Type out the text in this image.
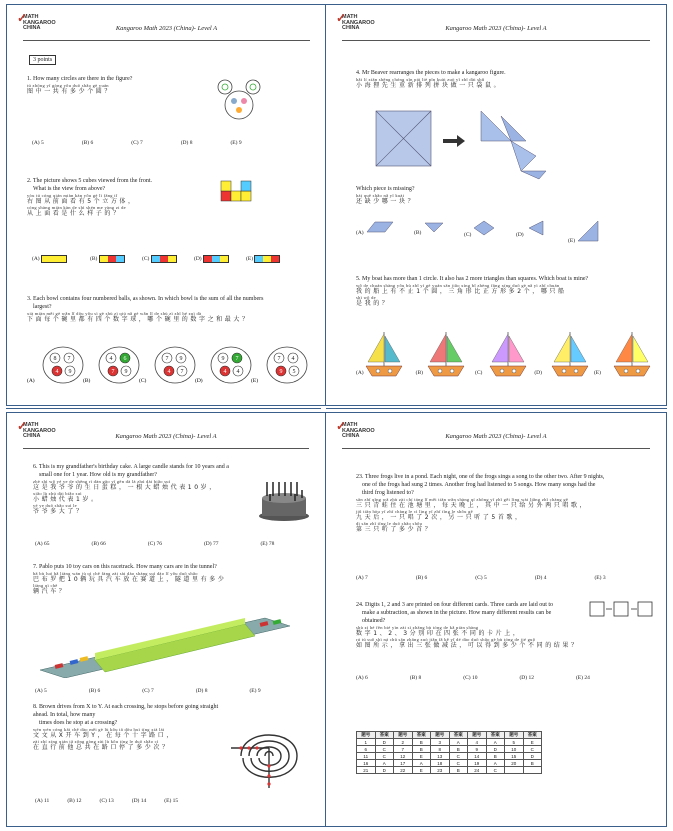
✓
MATH
KANGAROO
CHINA	Kangaroo Math 2023 (China)- Level A
3 points
1. How many circles are there in the figure?
tú zhōng yī gòng yǒu duō shǎo gè yuán
图中一共有多少个圆？
(A) 5	(B) 6	(C) 7	(D) 8	(E) 9
2. The picture shows 5 cubes viewed from the front.
What is the view from above?
yòu tú cóng qián miàn kàn yǒu gè lì fāng tǐ
右图从前面看有5个立方体，
cóng shàng miàn kàn de shì shén me yàng zi de
从上面看是什么样子的？
(A)	(B)	(C)	(D)	(E)
3. Each bowl contains four numbered balls, as shown. In which bowl is the sum of all the numbers
largest?
xià miàn měi gè wǎn lǐ dōu yǒu sì gè shù zì qiú nǎ gè wǎn lǐ de shù zì zhī hé zuì dà
下面每个碗里都有四个数字球，哪个碗里的数字之和最大？
(A)
8 7
4 9
(B)
4 6
7 9
(C)
7 9
4 7
(D)
9 7
4 4
(E)
7 4
9 5
✓
MATH
KANGAROO
CHINA	Kangaroo Math 2023 (China)- Level A
4. Mr Beaver rearranges the pieces to make a kangaroo figure.
hǎi lí xiān shēng chóng xīn pái liè pīn kuài zuò yī zhī dài shǔ
小海狸先生重新排列拼块做一只袋鼠。
Which piece is missing?
hái quē shǎo nǎ yī kuài
还缺少哪一块？
(A)	(B)	(C)	(D)
(E)
5. My boat has more than 1 circle. It also has 2 more triangles than squares. Which boat is mine?
wǒ de chuán shàng yǒu bù zhǐ yí gè yuán sān jiǎo xíng bǐ zhèng fāng xíng duō gè nǎ yì zhī chuán
我的船上有不止1个圆，三角形比正方形多2个，哪只船
shì wǒ de
是我的？
(A)	(B)	(C)	(D)	(E)
✓
MATH
KANGAROO
CHINA	Kangaroo Math 2023 (China)- Level A
6. This is my grandfather's birthday cake. A large candle stands for 10 years and a
small one for 1 year. How old is my grandfather?
zhè shì wǒ yé ye de shēng rì dàn gāo yī gēn dà là zhú dài biǎo suì
这是我爷爷的生日蛋糕，一根大蜡烛代表10岁，
xiǎo là zhú dài biǎo suì
小蜡烛代表1岁。
yé ye duō shǎo suì le
爷爷多大了？
(A) 65	(B) 66	(C) 76	(D) 77	(E) 78
7. Pablo puts 10 toy cars on this racetrack. How many cars are in the tunnel?
bā bù luó bǎ liàng wán jù qì chē fàng zài sài dào shàng suì dào lǐ yǒu duō shǎo
巴布罗把10辆玩具汽车放在赛道上，隧道里有多少
liàng qì chē
辆汽车？
(A) 5	(B) 6	(C) 7	(D) 8	(E) 9
8. Brown drives from X to Y. At each crossing, he stops before going straight ahead. In total, how many
times does he stop at a crossing?
wén wén cóng kāi chē dào měi gè lù kǒu tā dōu huì tíng xià lái
文文从X开车到Y，在每个十字路口，
zài zhí xíng qián tā zǒng gòng zài lù kǒu tíng le duō shǎo cì
在直行前他总共在路口停了多少次？
(A) 11	(B) 12	(C) 13	(D) 14	(E) 15
✓
MATH
KANGAROO
CHINA	Kangaroo Math 2023 (China)- Level A
23. Three frogs live in a pond. Each night, one of the frogs sings a song to the other two. After 9 nights,
one of the frogs had sung 2 times. Another frog had listened to 5 songs. How many songs had the
third frog listened to?
sān zhī qīng wā zhù zài chí táng lǐ měi tiān wǎn shàng qí zhōng yī zhī gěi lìng wài liǎng zhī chàng gē
三只青蛙住在池塘里，每天晚上，其中一只给另外两只唱歌，
jiǔ tiān hòu yī zhī chàng le cì lìng yī zhī tīng le shǒu gē
九天后，一只唱了2次，另一只听了5首歌，
dì sān zhī tīng le duō shǎo shǒu
第三只听了多少首？
(A) 7	(B) 6	(C) 5	(D) 4	(E) 3
24. Digits 1, 2 and 3 are printed on four different cards. Three cards are laid out to
make a subtraction, as shown in the picture. How many different results can be
obtained?
shù zì hé fēn bié yìn zài sì zhāng bù tóng de kǎ piàn shàng
数字1、2、3分别印在四张不同的卡片上，
rú tú suǒ shì ná chū sān zhāng zuò jiǎn fǎ kě yǐ dé dào duō shǎo gè bù tóng de jié guǒ
如图所示，拿出三张做减法，可以得到多少个不同的结果？
(A) 6	(B) 8	(C) 10	(D) 12	(E) 24
题号	答案	题号	答案	题号	答案	题号	答案	题号	答案
1	D	2	B	3	A	4	A	5	E
6	C	7	B	8	B	9	D	10	C
11	C	12	E	13	C	14	B	15	D
16	A	17	A	18	C	19	A	20	B
21	D	22	E	23	B	24	C		
